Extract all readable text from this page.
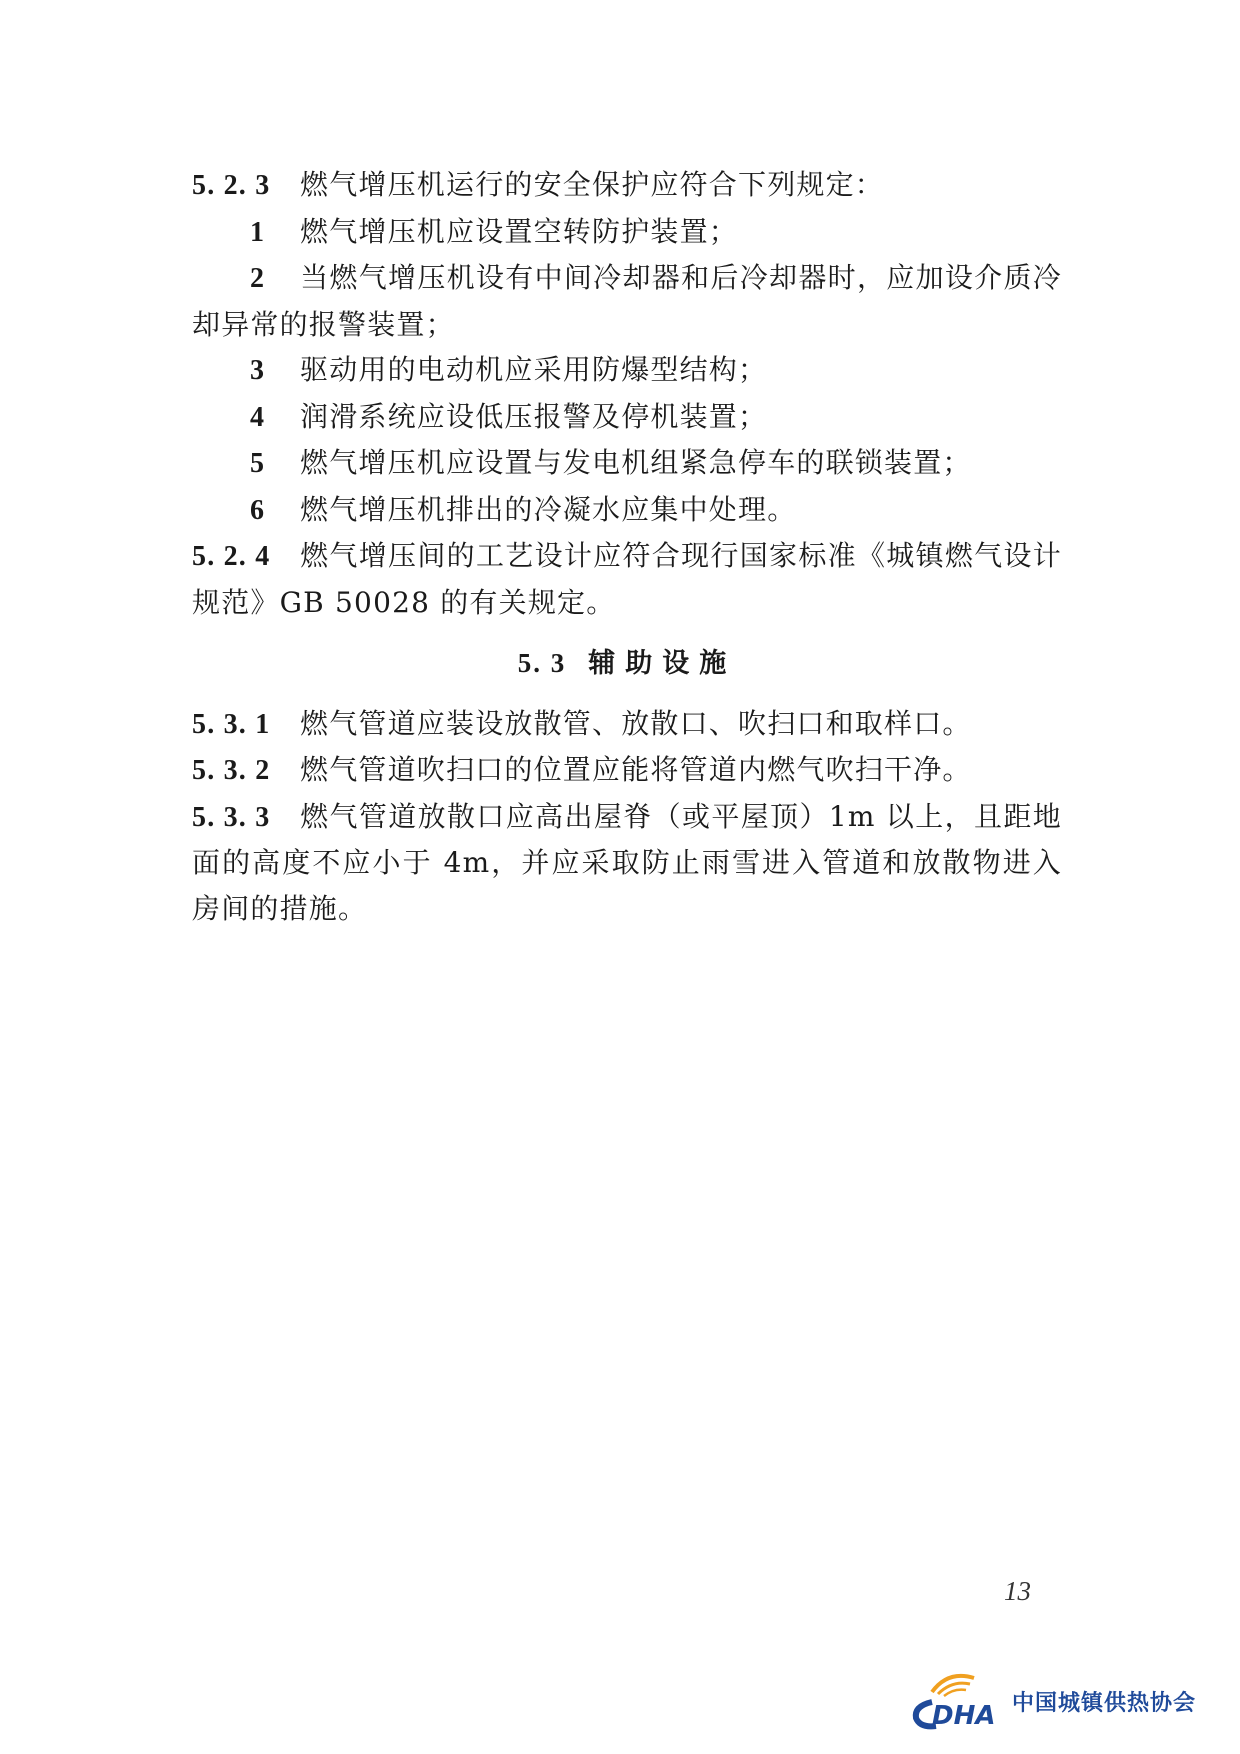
5. 2. 3 燃气增压机运行的安全保护应符合下列规定：

1 燃气增压机应设置空转防护装置；

2 当燃气增压机设有中间冷却器和后冷却器时，应加设介质冷却异常的报警装置；

3 驱动用的电动机应采用防爆型结构；

4 润滑系统应设低压报警及停机装置；

5 燃气增压机应设置与发电机组紧急停车的联锁装置；

6 燃气增压机排出的冷凝水应集中处理。

5. 2. 4 燃气增压间的工艺设计应符合现行国家标准《城镇燃气设计规范》GB 50028 的有关规定。

5. 3 辅助设施

5. 3. 1 燃气管道应装设放散管、放散口、吹扫口和取样口。

5. 3. 2 燃气管道吹扫口的位置应能将管道内燃气吹扫干净。

5. 3. 3 燃气管道放散口应高出屋脊（或平屋顶）1m 以上，且距地面的高度不应小于 4m，并应采取防止雨雪进入管道和放散物进入房间的措施。

13
DHA 中国城镇供热协会
